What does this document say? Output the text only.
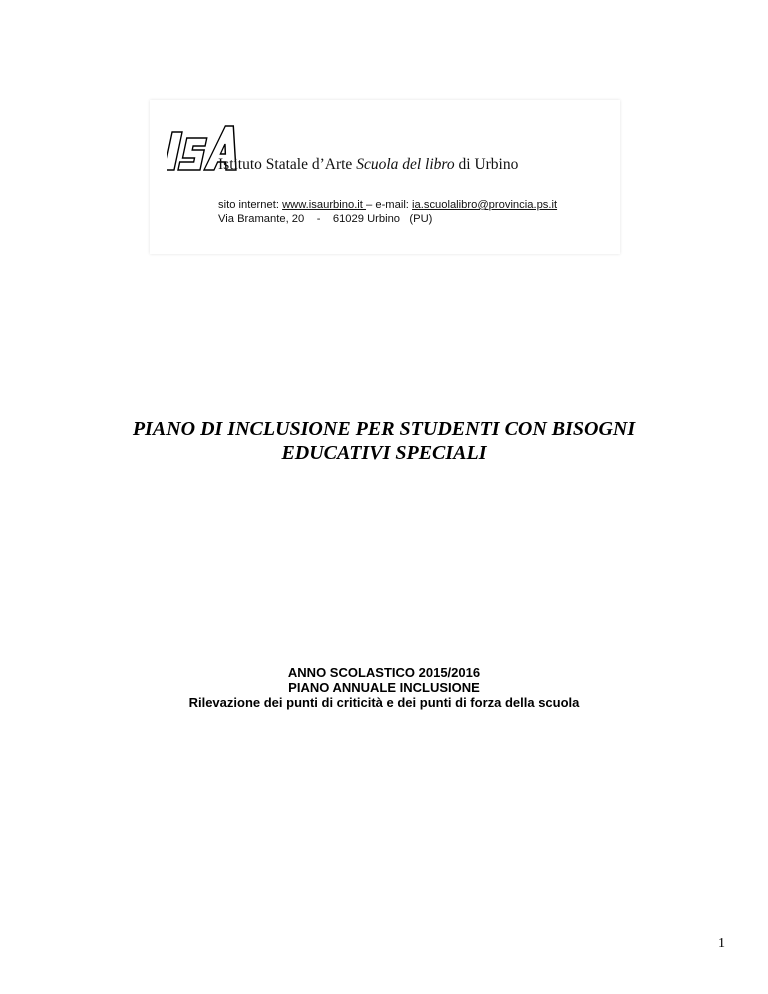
Istituto Statale d’Arte Scuola del libro di Urbino
sito internet: www.isaurbino.it – e-mail: ia.scuolalibro@provincia.ps.it
Via Bramante, 20 - 61029 Urbino (PU)
PIANO DI INCLUSIONE PER STUDENTI CON BISOGNI
EDUCATIVI SPECIALI
ANNO SCOLASTICO 2015/2016
PIANO ANNUALE INCLUSIONE
Rilevazione dei punti di criticità e dei punti di forza della scuola
1
